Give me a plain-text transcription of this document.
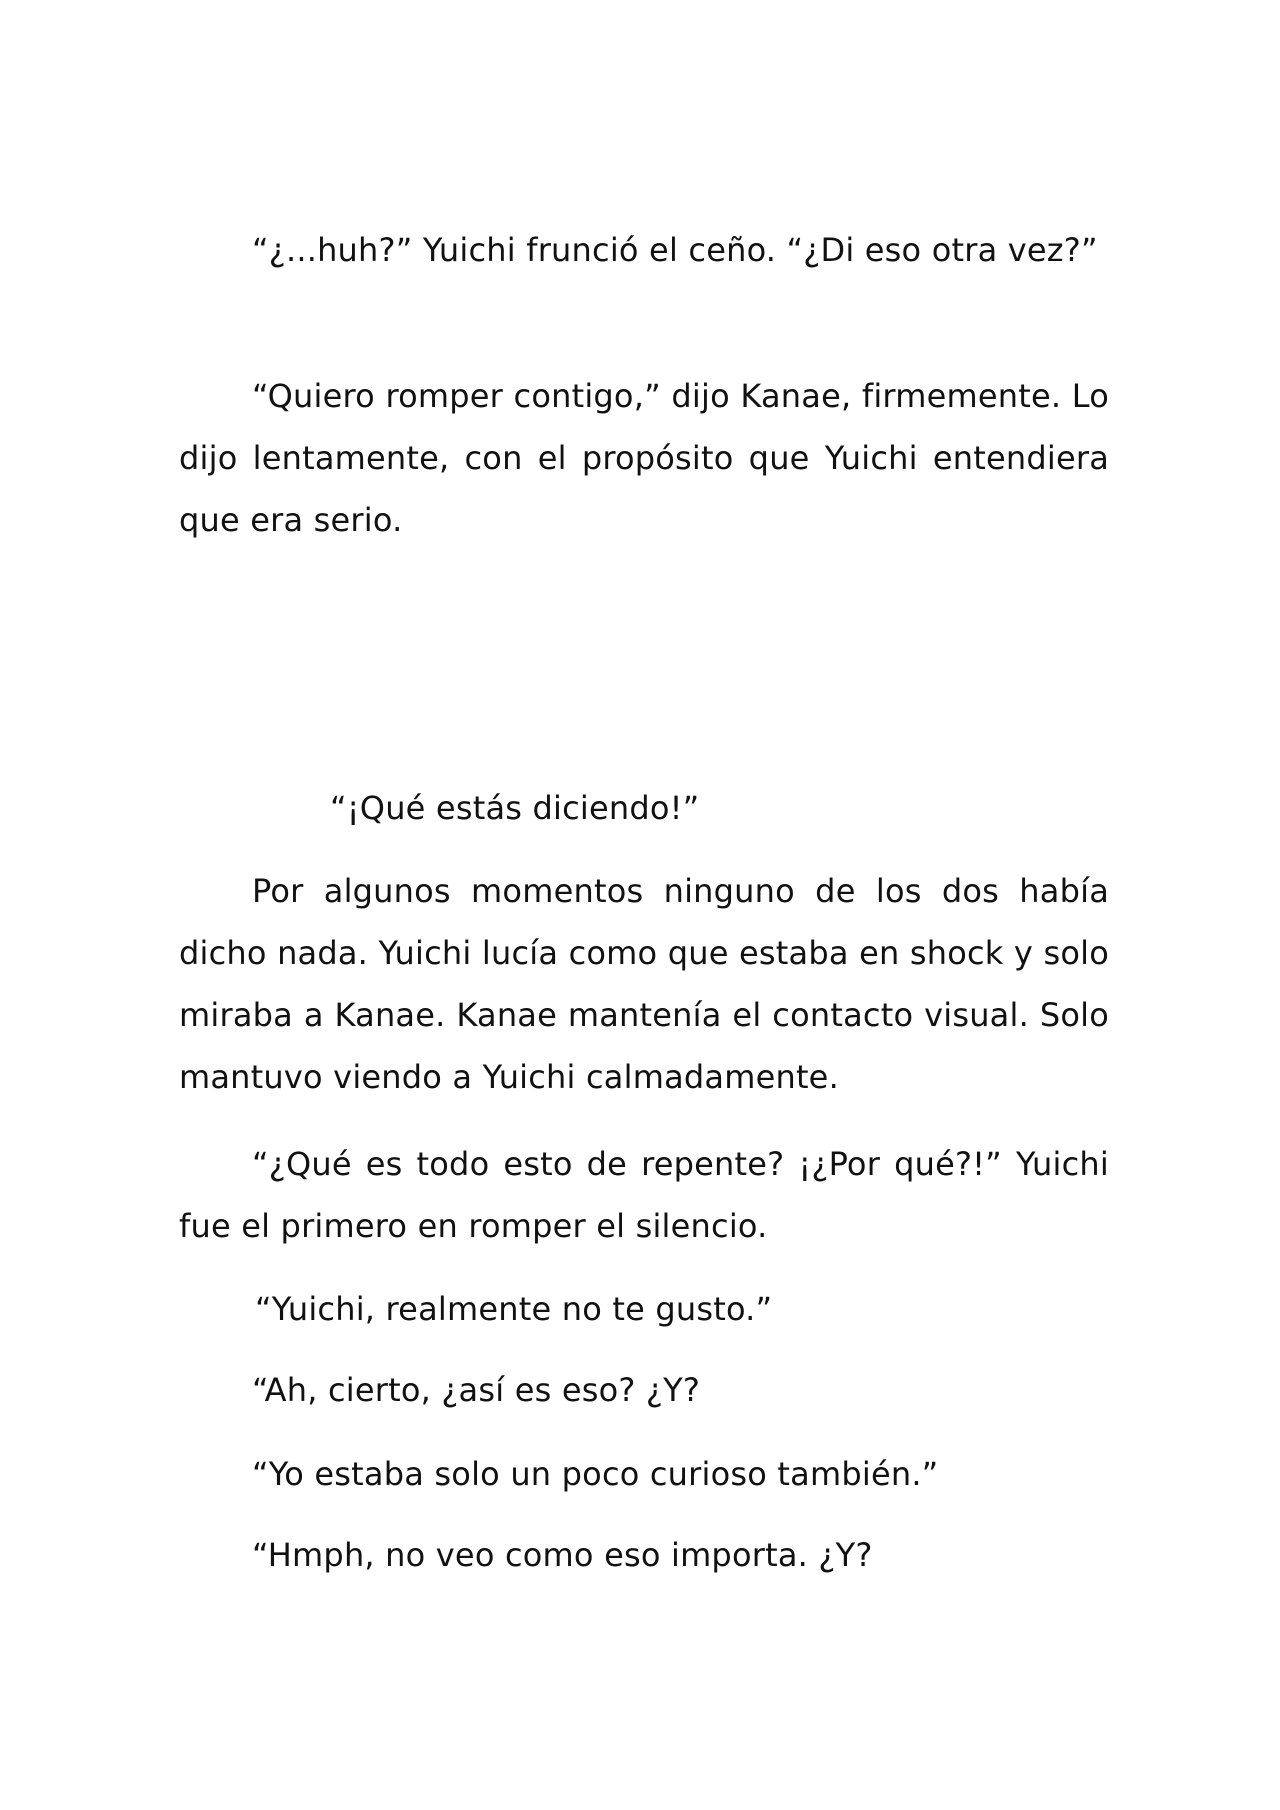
“¿...huh?” Yuichi frunció el ceño. “¿Di eso otra vez?”

“Quiero romper contigo,” dijo Kanae, firmemente. Lo dijo lentamente, con el propósito que Yuichi entendiera que era serio.

“¡Qué estás diciendo!”

Por algunos momentos ninguno de los dos había dicho nada. Yuichi lucía como que estaba en shock y solo miraba a Kanae. Kanae mantenía el contacto visual. Solo mantuvo viendo a Yuichi calmadamente.

“¿Qué es todo esto de repente? ¡¿Por qué?!” Yuichi fue el primero en romper el silencio.

“Yuichi, realmente no te gusto.”

“Ah, cierto, ¿así es eso? ¿Y?

“Yo estaba solo un poco curioso también.”

“Hmph, no veo como eso importa. ¿Y?
